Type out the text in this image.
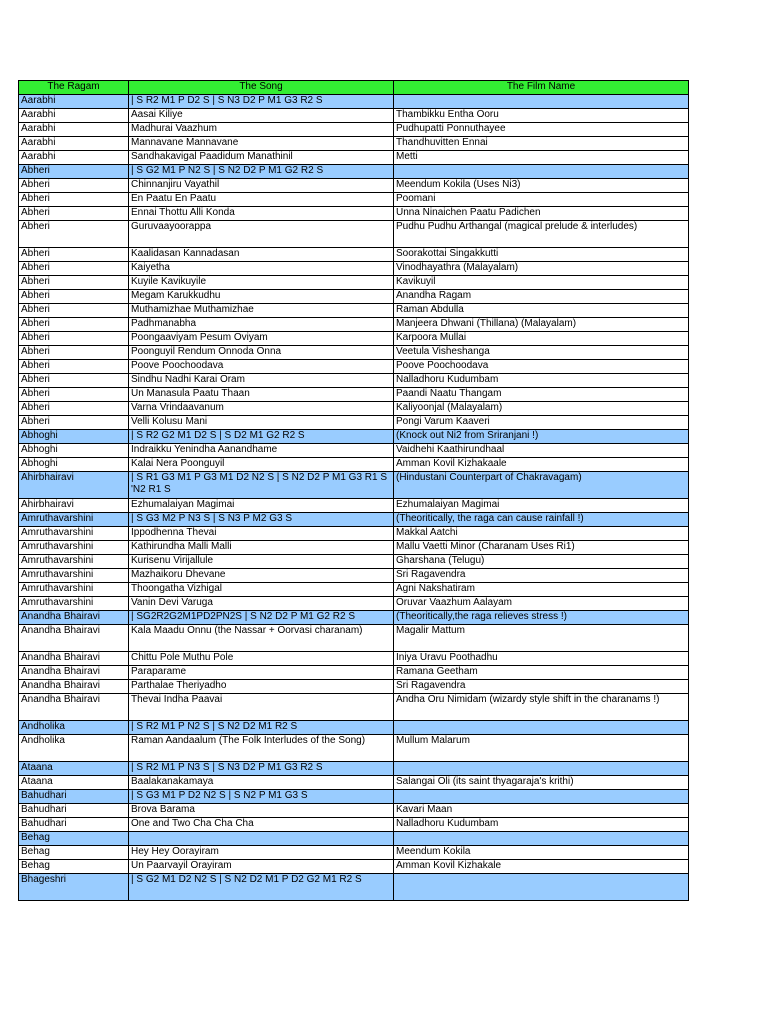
The Ragam	The Song	The Film Name
Aarabhi	| S R2 M1 P D2 S | S N3 D2 P M1 G3 R2 S	
Aarabhi	Aasai Kiliye	Thambikku Entha Ooru
Aarabhi	Madhurai Vaazhum	Pudhupatti Ponnuthayee
Aarabhi	Mannavane Mannavane	Thandhuvitten Ennai
Aarabhi	Sandhakavigal Paadidum Manathinil	Metti
Abheri	| S G2 M1 P N2 S | S N2 D2 P M1 G2 R2 S	
Abheri	Chinnanjiru Vayathil	Meendum Kokila (Uses Ni3)
Abheri	En Paatu En Paatu	Poomani
Abheri	Ennai Thottu Alli Konda	Unna Ninaichen Paatu Padichen
Abheri	Guruvaayoorappa	Pudhu Pudhu Arthangal (magical prelude & interludes)
Abheri	Kaalidasan Kannadasan	Soorakottai Singakkutti
Abheri	Kaiyetha	Vinodhayathra (Malayalam)
Abheri	Kuyile Kavikuyile	Kavikuyil
Abheri	Megam Karukkudhu	Anandha Ragam
Abheri	Muthamizhae Muthamizhae	Raman Abdulla
Abheri	Padhmanabha	Manjeera Dhwani (Thillana) (Malayalam)
Abheri	Poongaaviyam Pesum Oviyam	Karpoora Mullai
Abheri	Poonguyil Rendum Onnoda Onna	Veetula Visheshanga
Abheri	Poove Poochoodava	Poove Poochoodava
Abheri	Sindhu Nadhi Karai Oram	Nalladhoru Kudumbam
Abheri	Un Manasula Paatu Thaan	Paandi Naatu Thangam
Abheri	Varna Vrindaavanum	Kaliyoonjal (Malayalam)
Abheri	Velli Kolusu Mani	Pongi Varum Kaaveri
Abhoghi	| S R2 G2 M1 D2 S | S D2 M1 G2 R2 S	(Knock out Ni2 from Sriranjani !)
Abhoghi	Indraikku Yenindha Aanandhame	Vaidhehi Kaathirundhaal
Abhoghi	Kalai Nera Poonguyil	Amman Kovil Kizhakaale
Ahirbhairavi	| S R1 G3 M1 P G3 M1 D2 N2 S | S N2 D2 P M1 G3 R1 S 'N2 R1 S	(Hindustani Counterpart of Chakravagam)
Ahirbhairavi	Ezhumalaiyan Magimai	Ezhumalaiyan Magimai
Amruthavarshini	| S G3 M2 P N3 S | S N3 P M2 G3 S	(Theoritically, the raga can cause rainfall !)
Amruthavarshini	Ippodhenna Thevai	Makkal Aatchi
Amruthavarshini	Kathirundha Malli Malli	Mallu Vaetti Minor (Charanam Uses Ri1)
Amruthavarshini	Kurisenu Virijallule	Gharshana (Telugu)
Amruthavarshini	Mazhaikoru Dhevane	Sri Ragavendra
Amruthavarshini	Thoongatha Vizhigal	Agni Nakshatiram
Amruthavarshini	Vanin Devi Varuga	Oruvar Vaazhum Aalayam
Anandha Bhairavi	| SG2R2G2M1PD2PN2S | S N2 D2 P M1 G2 R2 S	(Theoritically,the raga relieves stress !)
Anandha Bhairavi	Kala Maadu Onnu (the Nassar + Oorvasi charanam)	Magalir Mattum
Anandha Bhairavi	Chittu Pole Muthu Pole	Iniya Uravu Poothadhu
Anandha Bhairavi	Paraparame	Ramana Geetham
Anandha Bhairavi	Parthalae Theriyadho	Sri Ragavendra
Anandha Bhairavi	Thevai Indha Paavai	Andha Oru Nimidam (wizardy style shift in the charanams !)
Andholika	| S R2 M1 P N2 S | S N2 D2 M1 R2 S	
Andholika	Raman Aandaalum (The Folk Interludes of the Song)	Mullum Malarum
Ataana	| S R2 M1 P N3 S | S N3 D2 P M1 G3 R2 S	
Ataana	Baalakanakamaya	Salangai Oli (its saint thyagaraja's krithi)
Bahudhari	| S G3 M1 P D2 N2 S | S N2 P M1 G3 S	
Bahudhari	Brova Barama	Kavari Maan
Bahudhari	One and Two Cha Cha Cha	Nalladhoru Kudumbam
Behag		
Behag	Hey Hey Oorayiram	Meendum Kokila
Behag	Un Paarvayil Orayiram	Amman Kovil Kizhakale
Bhageshri	| S G2 M1 D2 N2 S | S N2 D2 M1 P D2 G2 M1 R2 S	
